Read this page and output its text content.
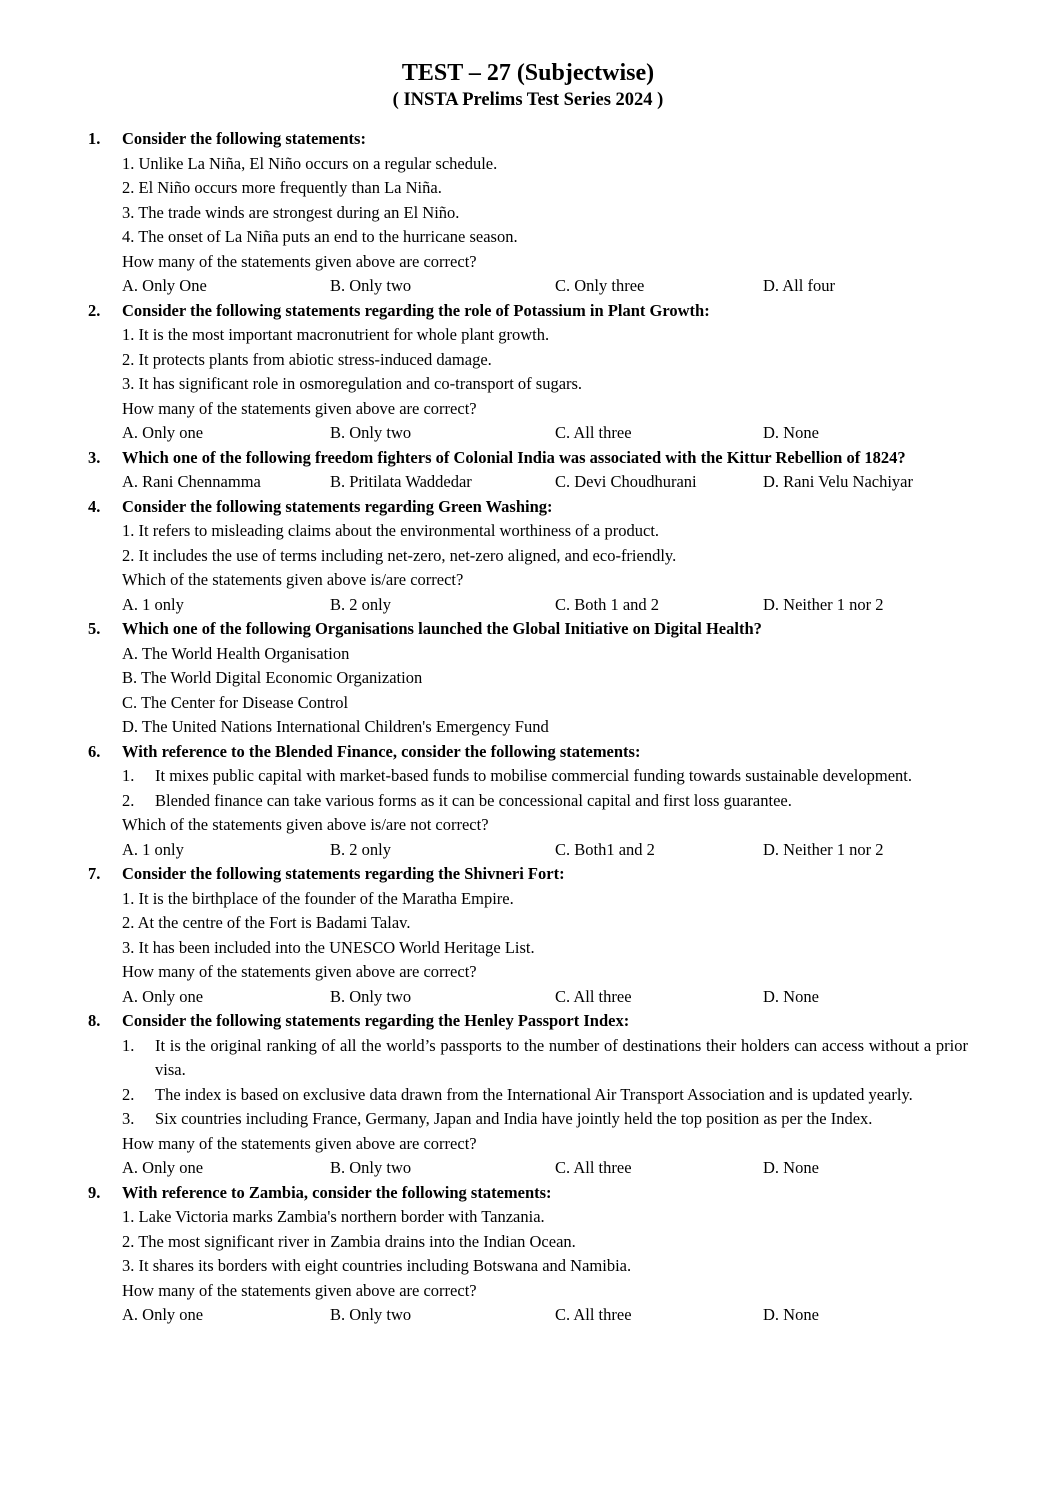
TEST – 27 (Subjectwise)
( INSTA Prelims Test Series 2024 )
1.	Consider the following statements:
1. Unlike La Niña, El Niño occurs on a regular schedule.
2. El Niño occurs more frequently than La Niña.
3. The trade winds are strongest during an El Niño.
4. The onset of La Niña puts an end to the hurricane season.
How many of the statements given above are correct?
A. Only One	B. Only two	C. Only three	D. All four
2.	Consider the following statements regarding the role of Potassium in Plant Growth:
1. It is the most important macronutrient for whole plant growth.
2. It protects plants from abiotic stress-induced damage.
3. It has significant role in osmoregulation and co-transport of sugars.
How many of the statements given above are correct?
A. Only one	B. Only two	C. All three	D. None
3.	Which one of the following freedom fighters of Colonial India was associated with the Kittur Rebellion of 1824?
A. Rani Chennamma	B. Pritilata Waddedar	C. Devi Choudhurani	D. Rani Velu Nachiyar
4.	Consider the following statements regarding Green Washing:
1. It refers to misleading claims about the environmental worthiness of a product.
2. It includes the use of terms including net-zero, net-zero aligned, and eco-friendly.
Which of the statements given above is/are correct?
A. 1 only	B. 2 only	C. Both 1 and 2	D. Neither 1 nor 2
5.	Which one of the following Organisations launched the Global Initiative on Digital Health?
A. The World Health Organisation
B. The World Digital Economic Organization
C. The Center for Disease Control
D. The United Nations International Children's Emergency Fund
6.	With reference to the Blended Finance, consider the following statements:
1.	It mixes public capital with market-based funds to mobilise commercial funding towards sustainable development.
2.	Blended finance can take various forms as it can be concessional capital and first loss guarantee.
Which of the statements given above is/are not correct?
A. 1 only	B. 2 only	C. Both1 and 2	D. Neither 1 nor 2
7.	Consider the following statements regarding the Shivneri Fort:
1. It is the birthplace of the founder of the Maratha Empire.
2. At the centre of the Fort is Badami Talav.
3. It has been included into the UNESCO World Heritage List.
How many of the statements given above are correct?
A. Only one	B. Only two	C. All three	D. None
8.	Consider the following statements regarding the Henley Passport Index:
1.	It is the original ranking of all the world’s passports to the number of destinations their holders can access without a prior visa.
2.	The index is based on exclusive data drawn from the International Air Transport Association and is updated yearly.
3.	Six countries including France, Germany, Japan and India have jointly held the top position as per the Index.
How many of the statements given above are correct?
A. Only one	B. Only two	C. All three	D. None
9.	With reference to Zambia, consider the following statements:
1. Lake Victoria marks Zambia's northern border with Tanzania.
2. The most significant river in Zambia drains into the Indian Ocean.
3. It shares its borders with eight countries including Botswana and Namibia.
How many of the statements given above are correct?
A. Only one	B. Only two	C. All three	D. None
